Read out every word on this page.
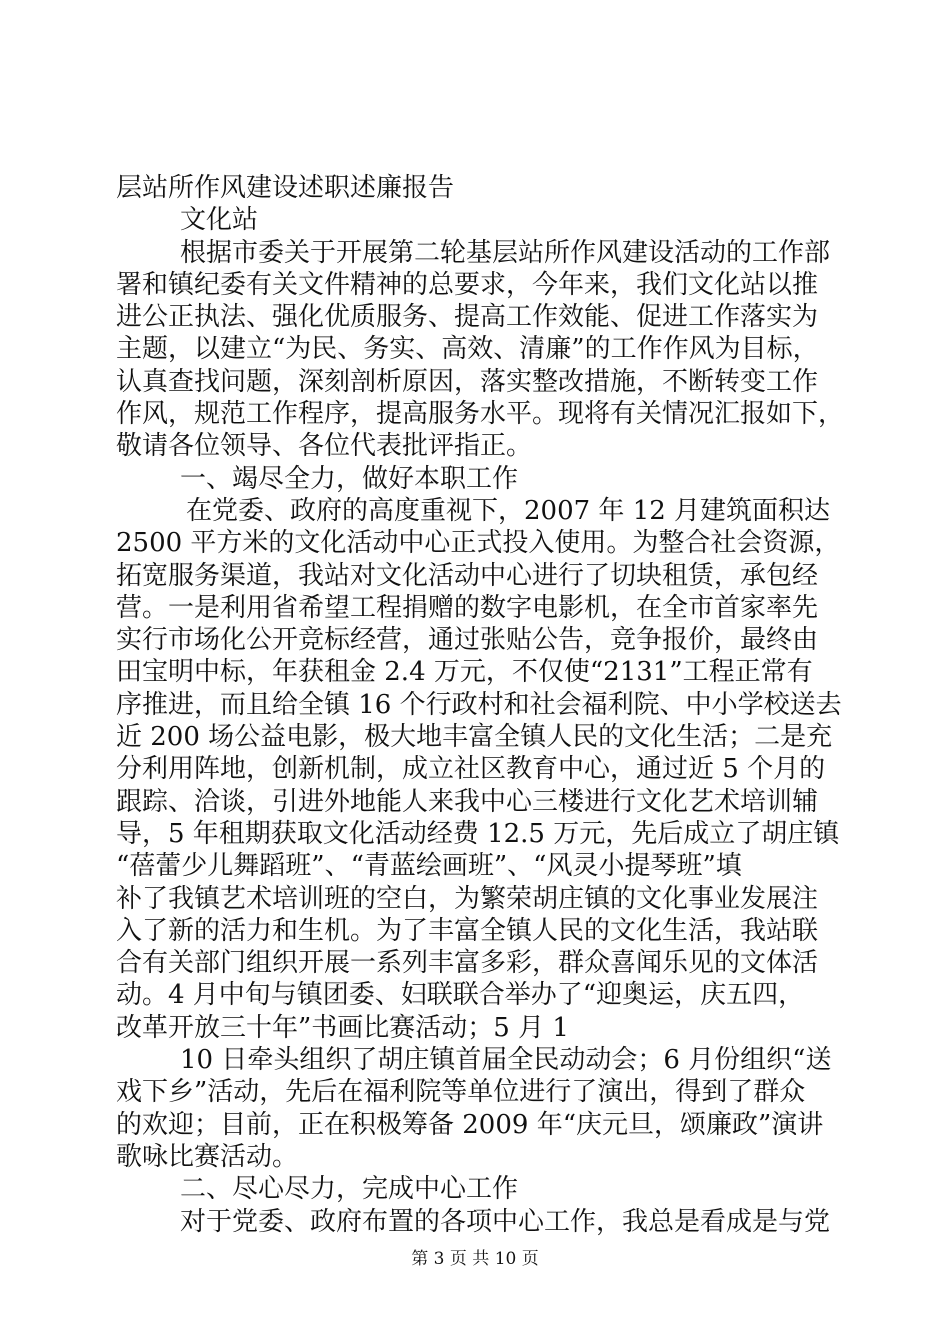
层站所作风建设述职述廉报告
文化站
根据市委关于开展第二轮基层站所作风建设活动的工作部
署和镇纪委有关文件精神的总要求，今年来，我们文化站以推
进公正执法、强化优质服务、提高工作效能、促进工作落实为
主题，以建立“为民、务实、高效、清廉”的工作作风为目标，
认真查找问题，深刻剖析原因，落实整改措施，不断转变工作
作风，规范工作程序，提高服务水平。现将有关情况汇报如下，
敬请各位领导、各位代表批评指正。
一、竭尽全力，做好本职工作
在党委、政府的高度重视下，2007 年 12 月建筑面积达
2500 平方米的文化活动中心正式投入使用。为整合社会资源，
拓宽服务渠道，我站对文化活动中心进行了切块租赁，承包经
营。一是利用省希望工程捐赠的数字电影机，在全市首家率先
实行市场化公开竞标经营，通过张贴公告，竞争报价，最终由
田宝明中标，年获租金 2.4 万元，不仅使“2131”工程正常有
序推进，而且给全镇 16 个行政村和社会福利院、中小学校送去
近 200 场公益电影，极大地丰富全镇人民的文化生活；二是充
分利用阵地，创新机制，成立社区教育中心，通过近 5 个月的
跟踪、洽谈，引进外地能人来我中心三楼进行文化艺术培训辅
导，5 年租期获取文化活动经费 12.5 万元，先后成立了胡庄镇
“蓓蕾少儿舞蹈班”、“青蓝绘画班”、“风灵小提琴班”填
补了我镇艺术培训班的空白，为繁荣胡庄镇的文化事业发展注
入了新的活力和生机。为了丰富全镇人民的文化生活，我站联
合有关部门组织开展一系列丰富多彩，群众喜闻乐见的文体活
动。4 月中旬与镇团委、妇联联合举办了“迎奥运，庆五四，
改革开放三十年”书画比赛活动；5 月 1
10 日牵头组织了胡庄镇首届全民动动会；6 月份组织“送
戏下乡”活动，先后在福利院等单位进行了演出，得到了群众
的欢迎；目前，正在积极筹备 2009 年“庆元旦，颂廉政”演讲
歌咏比赛活动。
二、尽心尽力，完成中心工作
对于党委、政府布置的各项中心工作，我总是看成是与党
第 3 页 共 10 页
